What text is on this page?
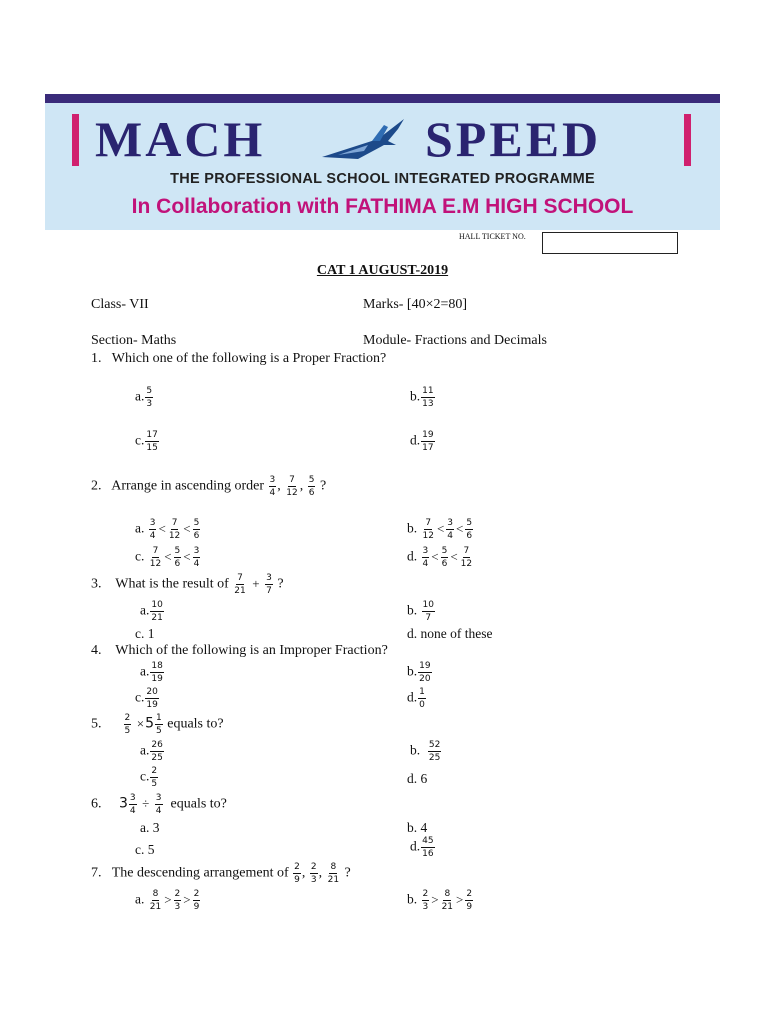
MACH	SPEED
THE PROFESSIONAL SCHOOL INTEGRATED PROGRAMME
In Collaboration with FATHIMA E.M HIGH SCHOOL
HALL TICKET NO.
CAT 1 AUGUST-2019
Class- VII	Marks- [40×2=80]
Section- Maths	Module- Fractions and Decimals
1. Which one of the following is a Proper Fraction?
a. $\frac{5}{3}$	b. $\frac{11}{13}$
c. $\frac{17}{15}$	d. $\frac{19}{17}$
2. Arrange in ascending order $\frac{3}{4}$ , $\frac{7}{12}$ , $\frac{5}{6}$ ?
a. $\frac{3}{4} < \frac{7}{12} < \frac{5}{6}$	b. $\frac{7}{12} < \frac{3}{4} < \frac{5}{6}$
c. $\frac{7}{12} < \frac{5}{6} < \frac{3}{4}$	d. $\frac{3}{4} < \frac{5}{6} < \frac{7}{12}$
3. What is the result of $\frac{7}{21} + \frac{3}{7}$ ?
a. $\frac{10}{21}$	b. $\frac{10}{7}$
c. 1	d. none of these
4. Which of the following is an Improper Fraction?
a. $\frac{18}{19}$	b. $\frac{19}{20}$
c. $\frac{20}{19}$	d. $\frac{1}{0}$
5. $\frac{2}{5} \times 5 \frac{1}{5}$ equals to?
a. $\frac{26}{25}$	b. $\frac{52}{25}$
c. $\frac{2}{5}$	d. 6
6. $3 \frac{3}{4} \div \frac{3}{4}$ equals to?
a. 3	b. 4
c. 5	d. $\frac{45}{16}$
7. The descending arrangement of $\frac{2}{9}$ , $\frac{2}{3}$ , $\frac{8}{21}$ ?
a. $\frac{8}{21} > \frac{2}{3} > \frac{2}{9}$	b. $\frac{2}{3} > \frac{8}{21} > \frac{2}{9}$
